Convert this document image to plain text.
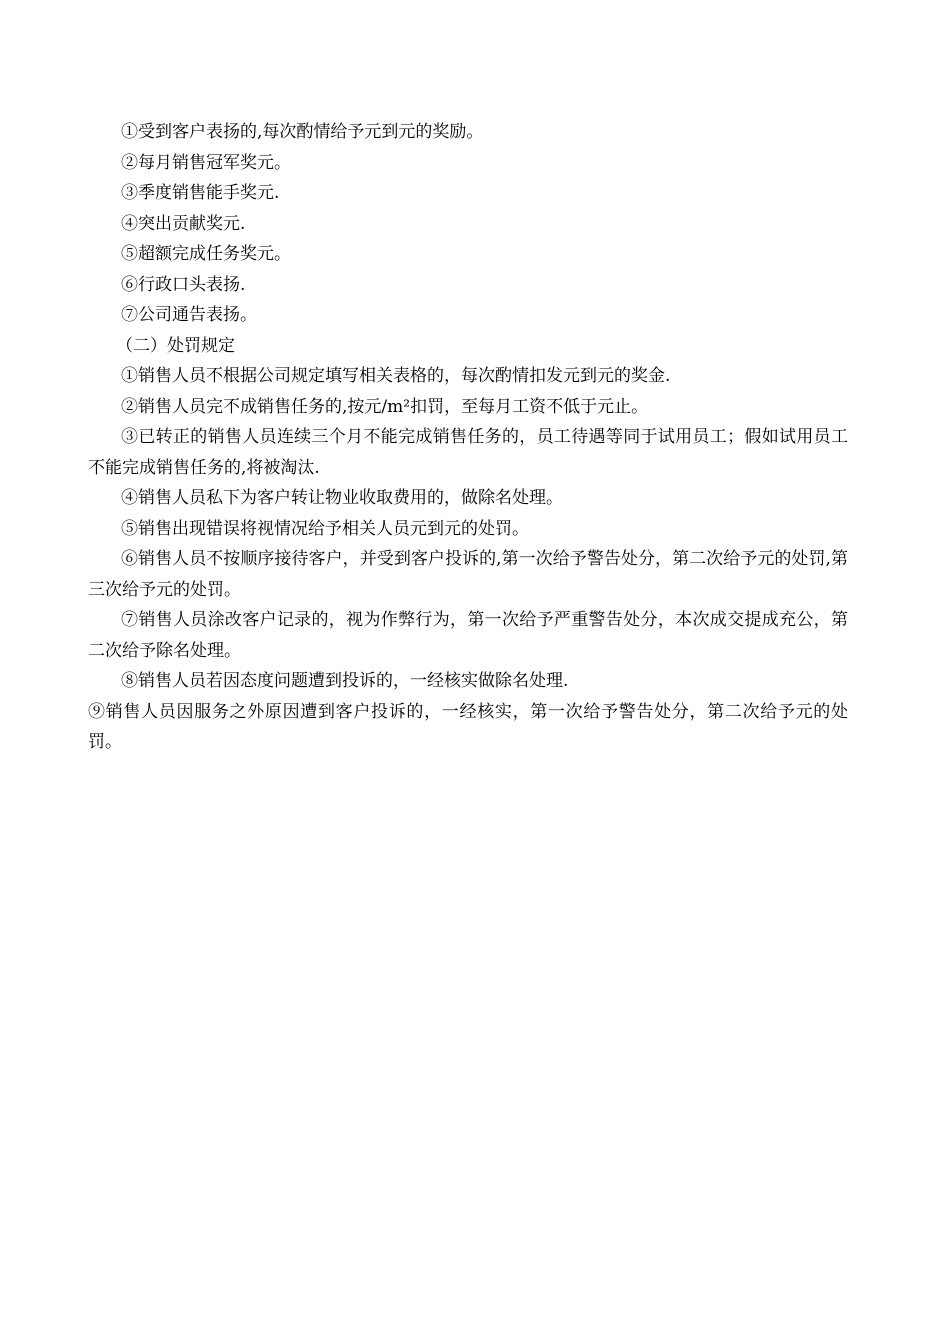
①受到客户表扬的,每次酌情给予元到元的奖励。

②每月销售冠军奖元。

③季度销售能手奖元.

④突出贡献奖元.

⑤超额完成任务奖元。

⑥行政口头表扬.

⑦公司通告表扬。

（二）处罚规定

①销售人员不根据公司规定填写相关表格的，每次酌情扣发元到元的奖金.

②销售人员完不成销售任务的,按元/m²扣罚，至每月工资不低于元止。

③已转正的销售人员连续三个月不能完成销售任务的，员工待遇等同于试用员工；假如试用员工不能完成销售任务的,将被淘汰.

④销售人员私下为客户转让物业收取费用的，做除名处理。

⑤销售出现错误将视情况给予相关人员元到元的处罚。

⑥销售人员不按顺序接待客户，并受到客户投诉的,第一次给予警告处分，第二次给予元的处罚,第三次给予元的处罚。

⑦销售人员涂改客户记录的，视为作弊行为，第一次给予严重警告处分，本次成交提成充公，第二次给予除名处理。

⑧销售人员若因态度问题遭到投诉的，一经核实做除名处理.

⑨销售人员因服务之外原因遭到客户投诉的，一经核实，第一次给予警告处分，第二次给予元的处罚。
